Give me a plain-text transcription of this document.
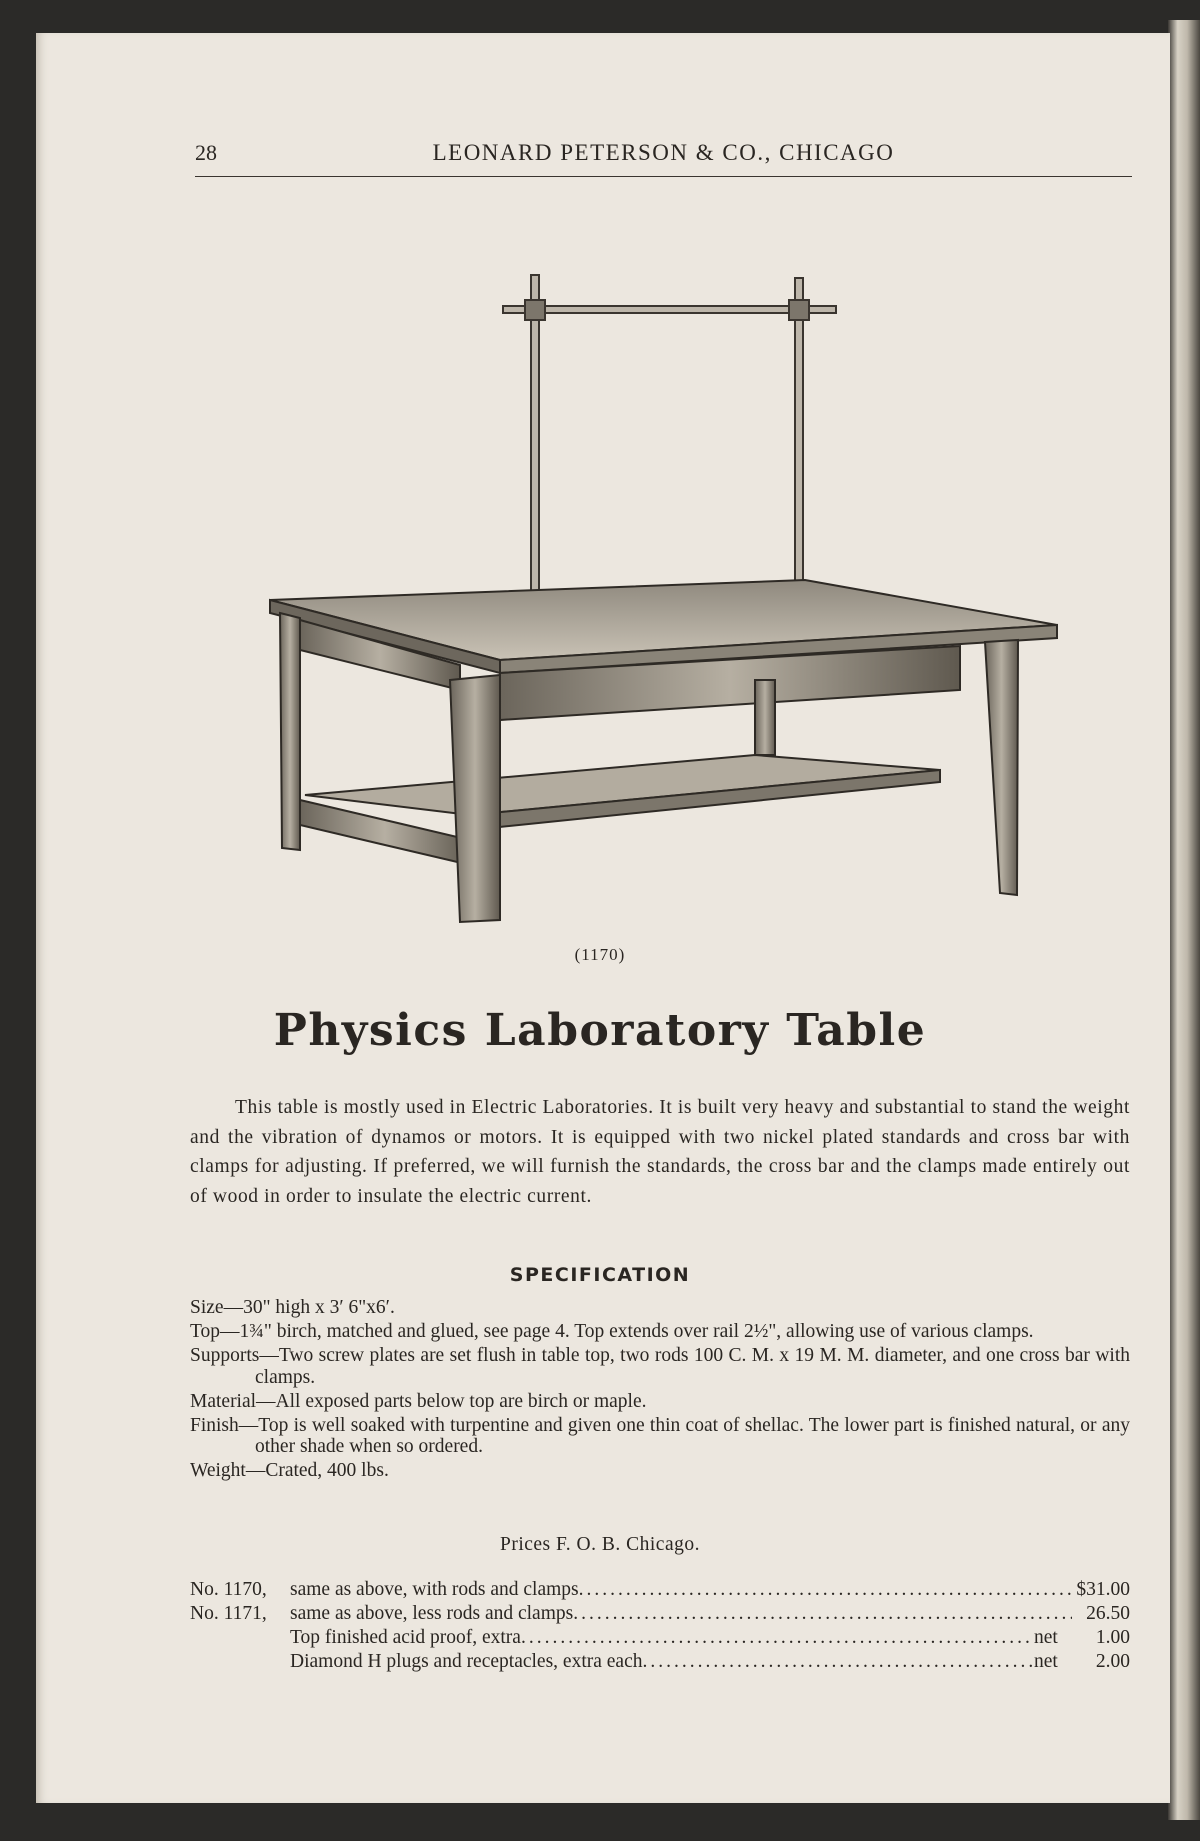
28	LEONARD PETERSON & CO., CHICAGO
(1170)
Physics Laboratory Table
This table is mostly used in Electric Laboratories. It is built very heavy and substantial to stand the weight and the vibration of dynamos or motors. It is equipped with two nickel plated standards and cross bar with clamps for adjusting. If preferred, we will furnish the standards, the cross bar and the clamps made entirely out of wood in order to insulate the electric current.
SPECIFICATION
Size—30" high x 3′ 6"x6′.
Top—1¾" birch, matched and glued, see page 4. Top extends over rail 2½", allowing use of various clamps.
Supports—Two screw plates are set flush in table top, two rods 100 C. M. x 19 M. M. diameter, and one cross bar with clamps.
Material—All exposed parts below top are birch or maple.
Finish—Top is well soaked with turpentine and given one thin coat of shellac. The lower part is finished natural, or any other shade when so ordered.
Weight—Crated, 400 lbs.
Prices F. O. B. Chicago.
No. 1170,	same as above, with rods and clamps .....	$31.00
No. 1171,	same as above, less rods and clamps .....	26.50
Top finished acid proof, extra .....	net	1.00
Diamond H plugs and receptacles, extra each .....	net	2.00
